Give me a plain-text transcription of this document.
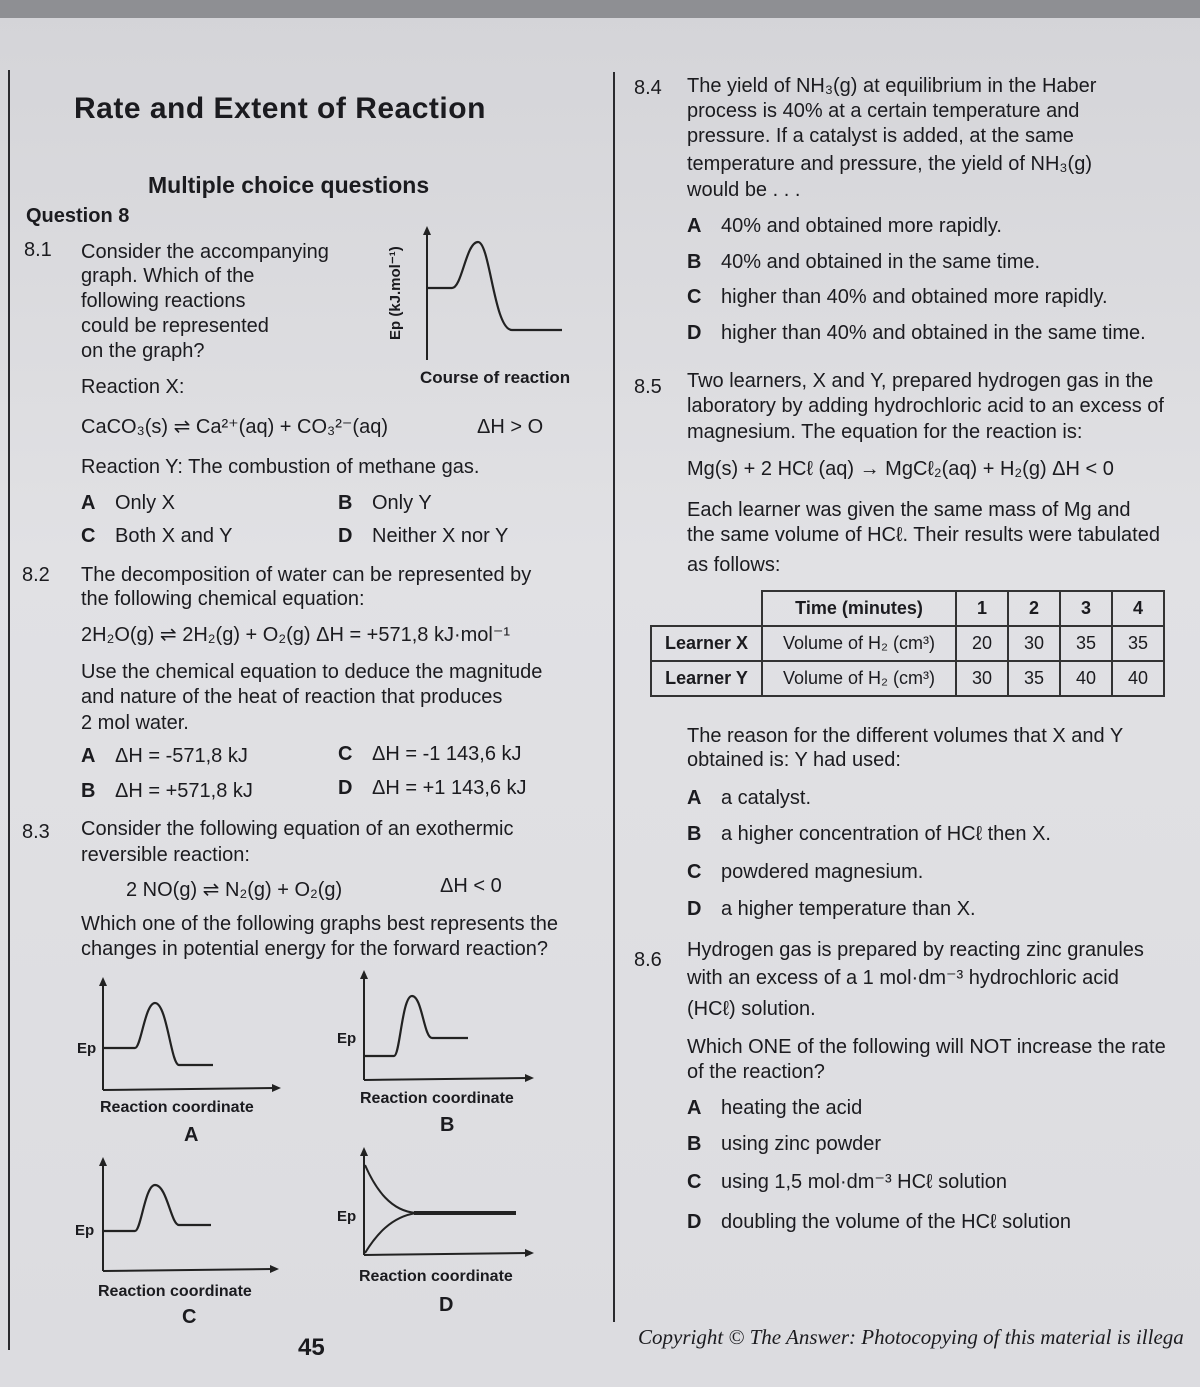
Rate and Extent of Reaction
Multiple choice questions
Question 8
8.1 Consider the accompanying
graph. Which of the
following reactions
could be represented
on the graph?
Ep (kJ.mol⁻¹)
Course of reaction
Reaction X:
CaCO₃(s) ⇌ Ca²⁺(aq) + CO₃²⁻(aq)	ΔH > O
Reaction Y: The combustion of methane gas.
A Only X	B Only Y
C Both X and Y	D Neither X nor Y
8.2 The decomposition of water can be represented by
the following chemical equation:
2H₂O(g) ⇌ 2H₂(g) + O₂(g) ΔH = +571,8 kJ·mol⁻¹
Use the chemical equation to deduce the magnitude
and nature of the heat of reaction that produces
2 mol water.
A ΔH = -571,8 kJ	C ΔH = -1 143,6 kJ
B ΔH = +571,8 kJ	D ΔH = +1 143,6 kJ
8.3 Consider the following equation of an exothermic
reversible reaction:
2 NO(g) ⇌ N₂(g) + O₂(g)	ΔH < 0
Which one of the following graphs best represents the
changes in potential energy for the forward reaction?
Ep
Reaction coordinate
A
Ep
Reaction coordinate
B
Ep
Reaction coordinate
C
Ep
Reaction coordinate
D
45
8.4 The yield of NH₃(g) at equilibrium in the Haber
process is 40% at a certain temperature and
pressure. If a catalyst is added, at the same
temperature and pressure, the yield of NH₃(g)
would be . . .
A 40% and obtained more rapidly.
B 40% and obtained in the same time.
C higher than 40% and obtained more rapidly.
D higher than 40% and obtained in the same time.
8.5 Two learners, X and Y, prepared hydrogen gas in the
laboratory by adding hydrochloric acid to an excess of
magnesium. The equation for the reaction is:
Mg(s) + 2 HCℓ (aq) → MgCℓ₂(aq) + H₂(g) ΔH < 0
Each learner was given the same mass of Mg and
the same volume of HCℓ. Their results were tabulated
as follows:
	Time (minutes)	1	2	3	4
Learner X	Volume of H₂ (cm³)	20	30	35	35
Learner Y	Volume of H₂ (cm³)	30	35	40	40
The reason for the different volumes that X and Y
obtained is: Y had used:
A a catalyst.
B a higher concentration of HCℓ then X.
C powdered magnesium.
D a higher temperature than X.
8.6 Hydrogen gas is prepared by reacting zinc granules
with an excess of a 1 mol·dm⁻³ hydrochloric acid
(HCℓ) solution.
Which ONE of the following will NOT increase the rate
of the reaction?
A heating the acid
B using zinc powder
C using 1,5 mol·dm⁻³ HCℓ solution
D doubling the volume of the HCℓ solution
Copyright © The Answer: Photocopying of this material is illega
